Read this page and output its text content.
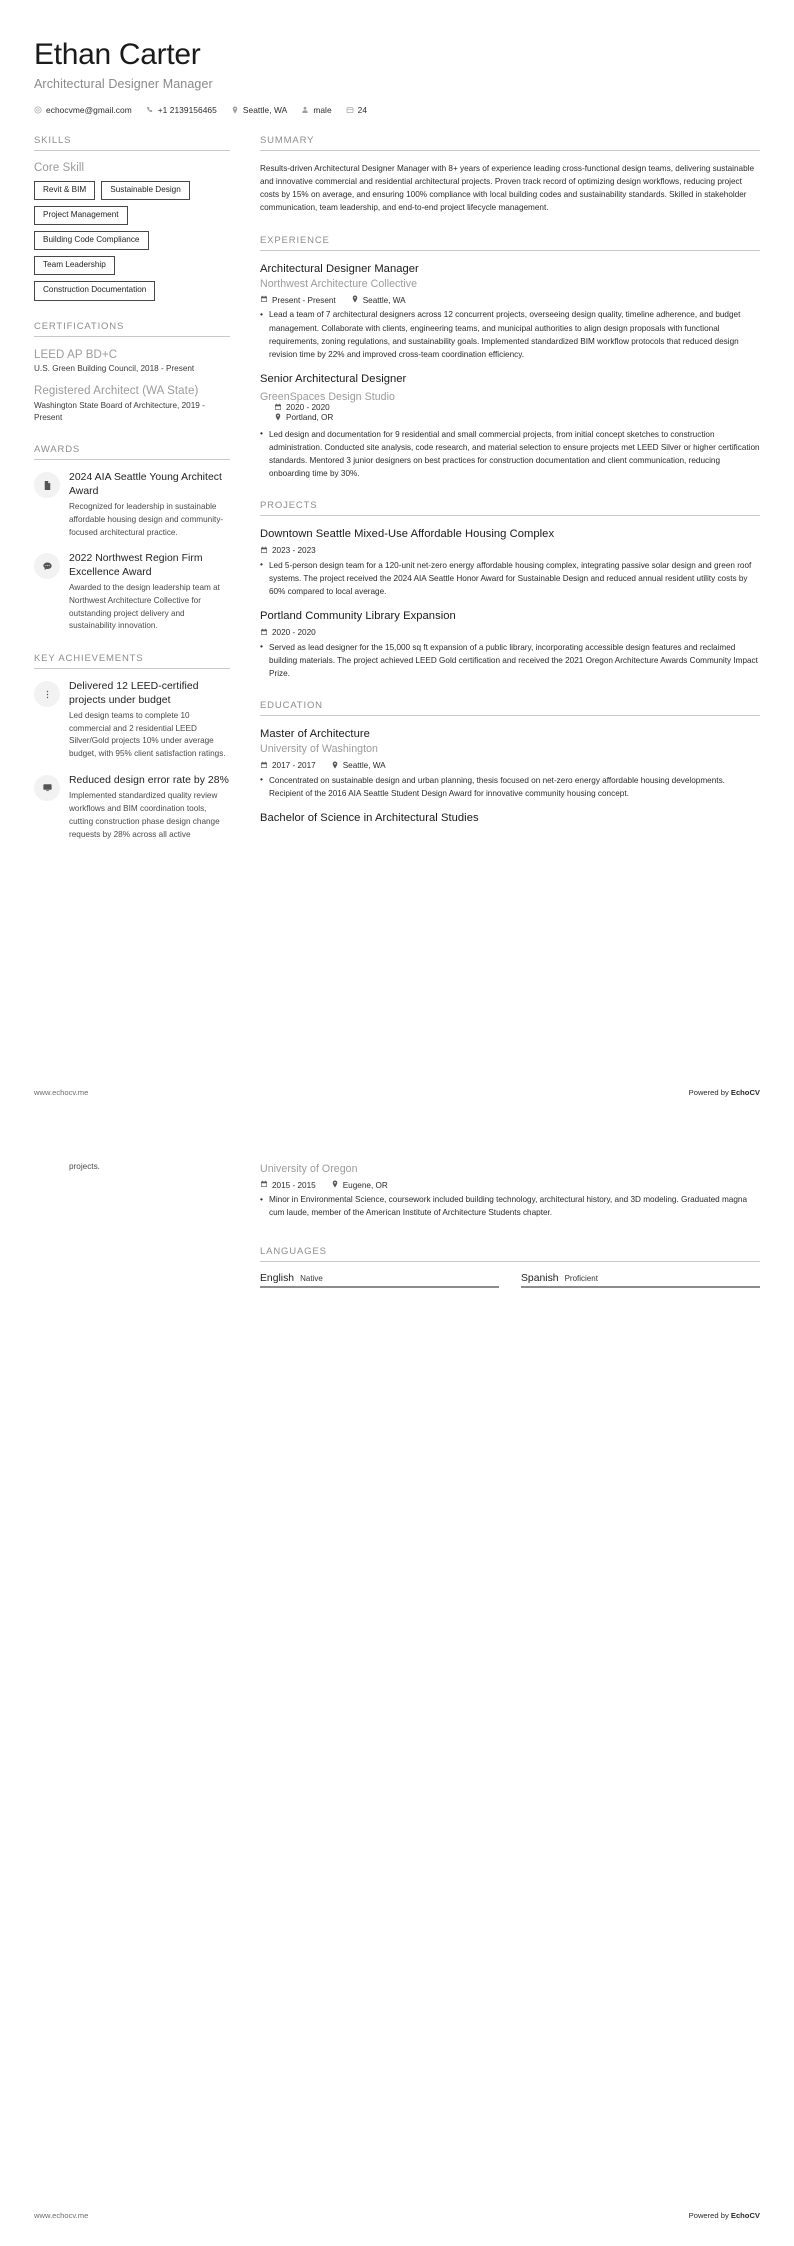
Ethan Carter
Architectural Designer Manager
echocvme@gmail.com	+1 2139156465	Seattle, WA	male	24
SKILLS
Core Skill
Revit & BIM	Sustainable Design
Project Management
Building Code Compliance
Team Leadership
Construction Documentation
CERTIFICATIONS
LEED AP BD+C
U.S. Green Building Council, 2018 - Present
Registered Architect (WA State)
Washington State Board of Architecture, 2019 - Present
AWARDS
2024 AIA Seattle Young Architect Award
Recognized for leadership in sustainable affordable housing design and community-focused architectural practice.
2022 Northwest Region Firm Excellence Award
Awarded to the design leadership team at Northwest Architecture Collective for outstanding project delivery and sustainability innovation.
KEY ACHIEVEMENTS
Delivered 12 LEED-certified projects under budget
Led design teams to complete 10 commercial and 2 residential LEED Silver/Gold projects 10% under average budget, with 95% client satisfaction ratings.
Reduced design error rate by 28%
Implemented standardized quality review workflows and BIM coordination tools, cutting construction phase design change requests by 28% across all active
SUMMARY
Results-driven Architectural Designer Manager with 8+ years of experience leading cross-functional design teams, delivering sustainable and innovative commercial and residential architectural projects. Proven track record of optimizing design workflows, reducing project costs by 15% on average, and ensuring 100% compliance with local building codes and sustainability standards. Skilled in stakeholder communication, team leadership, and end-to-end project lifecycle management.
EXPERIENCE
Architectural Designer Manager
Northwest Architecture Collective
Present - Present	Seattle, WA
• Lead a team of 7 architectural designers across 12 concurrent projects, overseeing design quality, timeline adherence, and budget management. Collaborate with clients, engineering teams, and municipal authorities to align design proposals with functional requirements, zoning regulations, and sustainability goals. Implemented standardized BIM workflow protocols that reduced design revision time by 22% and improved cross-team coordination efficiency.
Senior Architectural Designer
GreenSpaces Design Studio
2020 - 2020
Portland, OR
• Led design and documentation for 9 residential and small commercial projects, from initial concept sketches to construction administration. Conducted site analysis, code research, and material selection to ensure projects met LEED Silver or higher certification standards. Mentored 3 junior designers on best practices for construction documentation and client communication, reducing onboarding time by 30%.
PROJECTS
Downtown Seattle Mixed-Use Affordable Housing Complex
2023 - 2023
• Led 5-person design team for a 120-unit net-zero energy affordable housing complex, integrating passive solar design and green roof systems. The project received the 2024 AIA Seattle Honor Award for Sustainable Design and reduced annual resident utility costs by 60% compared to local average.
Portland Community Library Expansion
2020 - 2020
• Served as lead designer for the 15,000 sq ft expansion of a public library, incorporating accessible design features and reclaimed building materials. The project achieved LEED Gold certification and received the 2021 Oregon Architecture Awards Community Impact Prize.
EDUCATION
Master of Architecture
University of Washington
2017 - 2017	Seattle, WA
• Concentrated on sustainable design and urban planning, thesis focused on net-zero energy affordable housing developments. Recipient of the 2016 AIA Seattle Student Design Award for innovative community housing concept.
Bachelor of Science in Architectural Studies
www.echocv.me	Powered by EchoCV
projects.	University of Oregon
2015 - 2015	Eugene, OR
• Minor in Environmental Science, coursework included building technology, architectural history, and 3D modeling. Graduated magna cum laude, member of the American Institute of Architecture Students chapter.
LANGUAGES
English Native	Spanish Proficient
www.echocv.me	Powered by EchoCV
